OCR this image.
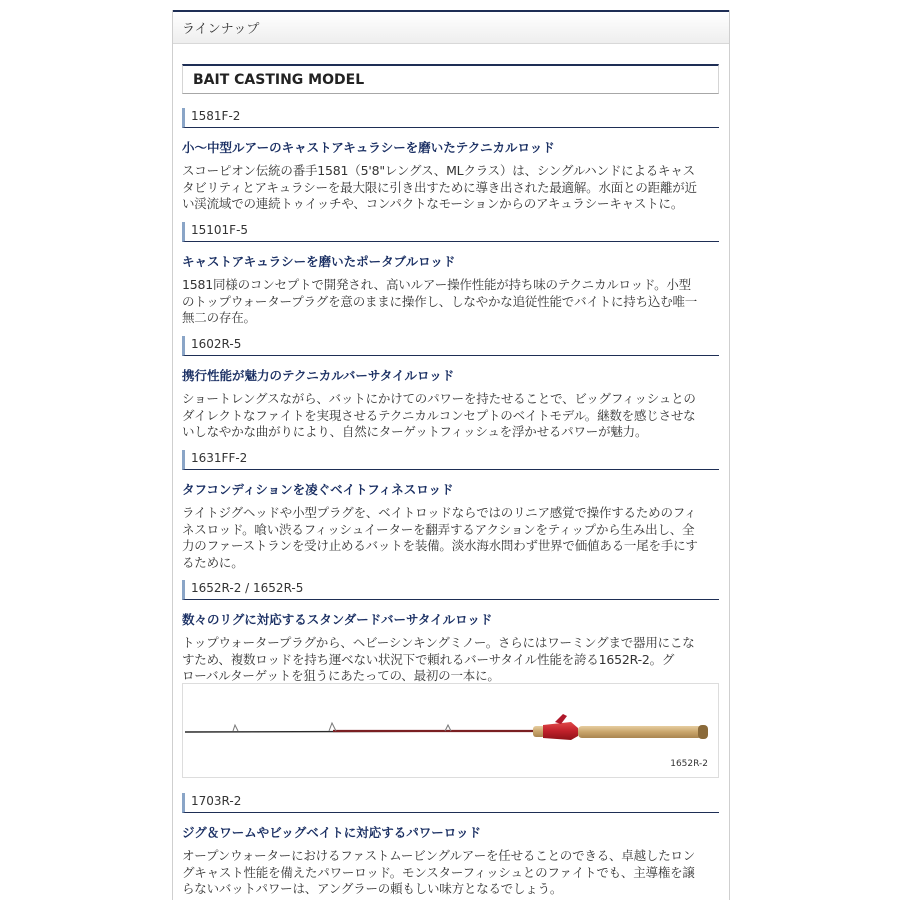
ラインナップ
BAIT CASTING MODEL
1581F-2
小〜中型ルアーのキャストアキュラシーを磨いたテクニカルロッド
スコーピオン伝統の番手1581（5'8"レングス、MLクラス）は、シングルハンドによるキャス
タビリティとアキュラシーを最大限に引き出すために導き出された最適解。水面との距離が近
い渓流域での連続トゥイッチや、コンパクトなモーションからのアキュラシーキャストに。
15101F-5
キャストアキュラシーを磨いたポータブルロッド
1581同様のコンセプトで開発され、高いルアー操作性能が持ち味のテクニカルロッド。小型
のトップウォータープラグを意のままに操作し、しなやかな追従性能でバイトに持ち込む唯一
無二の存在。
1602R-5
携行性能が魅力のテクニカルバーサタイルロッド
ショートレングスながら、バットにかけてのパワーを持たせることで、ビッグフィッシュとの
ダイレクトなファイトを実現させるテクニカルコンセプトのベイトモデル。継数を感じさせな
いしなやかな曲がりにより、自然にターゲットフィッシュを浮かせるパワーが魅力。
1631FF-2
タフコンディションを凌ぐベイトフィネスロッド
ライトジグヘッドや小型プラグを、ベイトロッドならではのリニア感覚で操作するためのフィ
ネスロッド。喰い渋るフィッシュイーターを翻弄するアクションをティップから生み出し、全
力のファーストランを受け止めるバットを装備。淡水海水問わず世界で価値ある一尾を手にす
るために。
1652R-2 / 1652R-5
数々のリグに対応するスタンダードバーサタイルロッド
トップウォータープラグから、ヘビーシンキングミノー。さらにはワーミングまで器用にこな
すため、複数ロッドを持ち運べない状況下で頼れるバーサタイル性能を誇る1652R-2。グ
ローバルターゲットを狙うにあたっての、最初の一本に。
1652R-2
1703R-2
ジグ＆ワームやビッグベイトに対応するパワーロッド
オープンウォーターにおけるファストムービングルアーを任せることのできる、卓越したロン
グキャスト性能を備えたパワーロッド。モンスターフィッシュとのファイトでも、主導権を譲
らないバットパワーは、アングラーの頼もしい味方となるでしょう。
